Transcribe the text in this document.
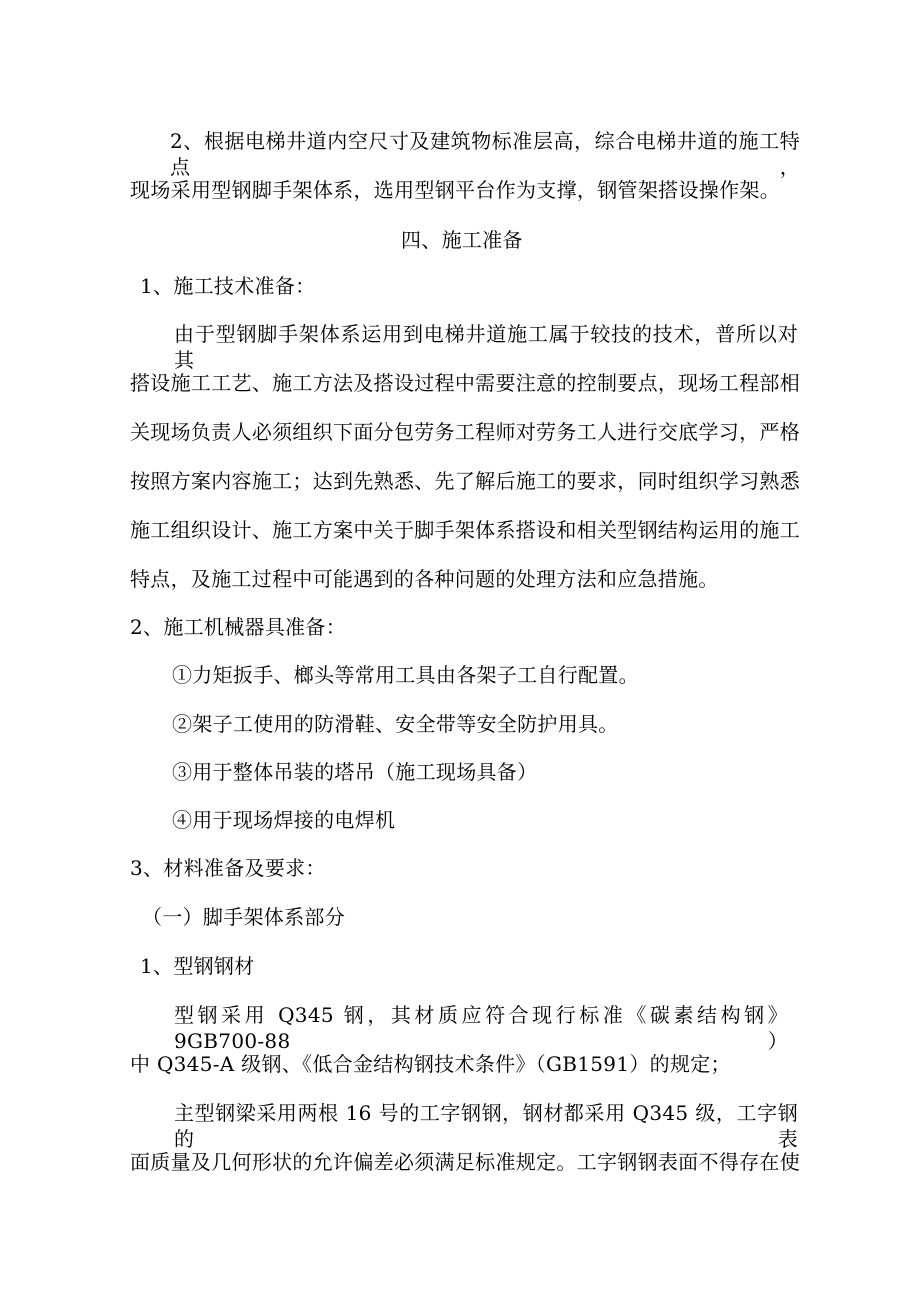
2、根据电梯井道内空尺寸及建筑物标准层高，综合电梯井道的施工特点，
现场采用型钢脚手架体系，选用型钢平台作为支撑，钢管架搭设操作架。
四、施工准备
1、施工技术准备：
由于型钢脚手架体系运用到电梯井道施工属于较技的技术，普所以对其
搭设施工工艺、施工方法及搭设过程中需要注意的控制要点，现场工程部相
关现场负责人必须组织下面分包劳务工程师对劳务工人进行交底学习，严格
按照方案内容施工；达到先熟悉、先了解后施工的要求，同时组织学习熟悉
施工组织设计、施工方案中关于脚手架体系搭设和相关型钢结构运用的施工
特点，及施工过程中可能遇到的各种问题的处理方法和应急措施。
2、施工机械器具准备：
①力矩扳手、榔头等常用工具由各架子工自行配置。
②架子工使用的防滑鞋、安全带等安全防护用具。
③用于整体吊装的塔吊（施工现场具备）
④用于现场焊接的电焊机
3、材料准备及要求：
（一）脚手架体系部分
1、型钢钢材
型钢采用 Q345 钢，其材质应符合现行标准《碳素结构钢》9GB700-88）
中 Q345-A 级钢、《低合金结构钢技术条件》（GB1591）的规定；
主型钢梁采用两根 16 号的工字钢钢，钢材都采用 Q345 级，工字钢的表
面质量及几何形状的允许偏差必须满足标准规定。工字钢钢表面不得存在使
